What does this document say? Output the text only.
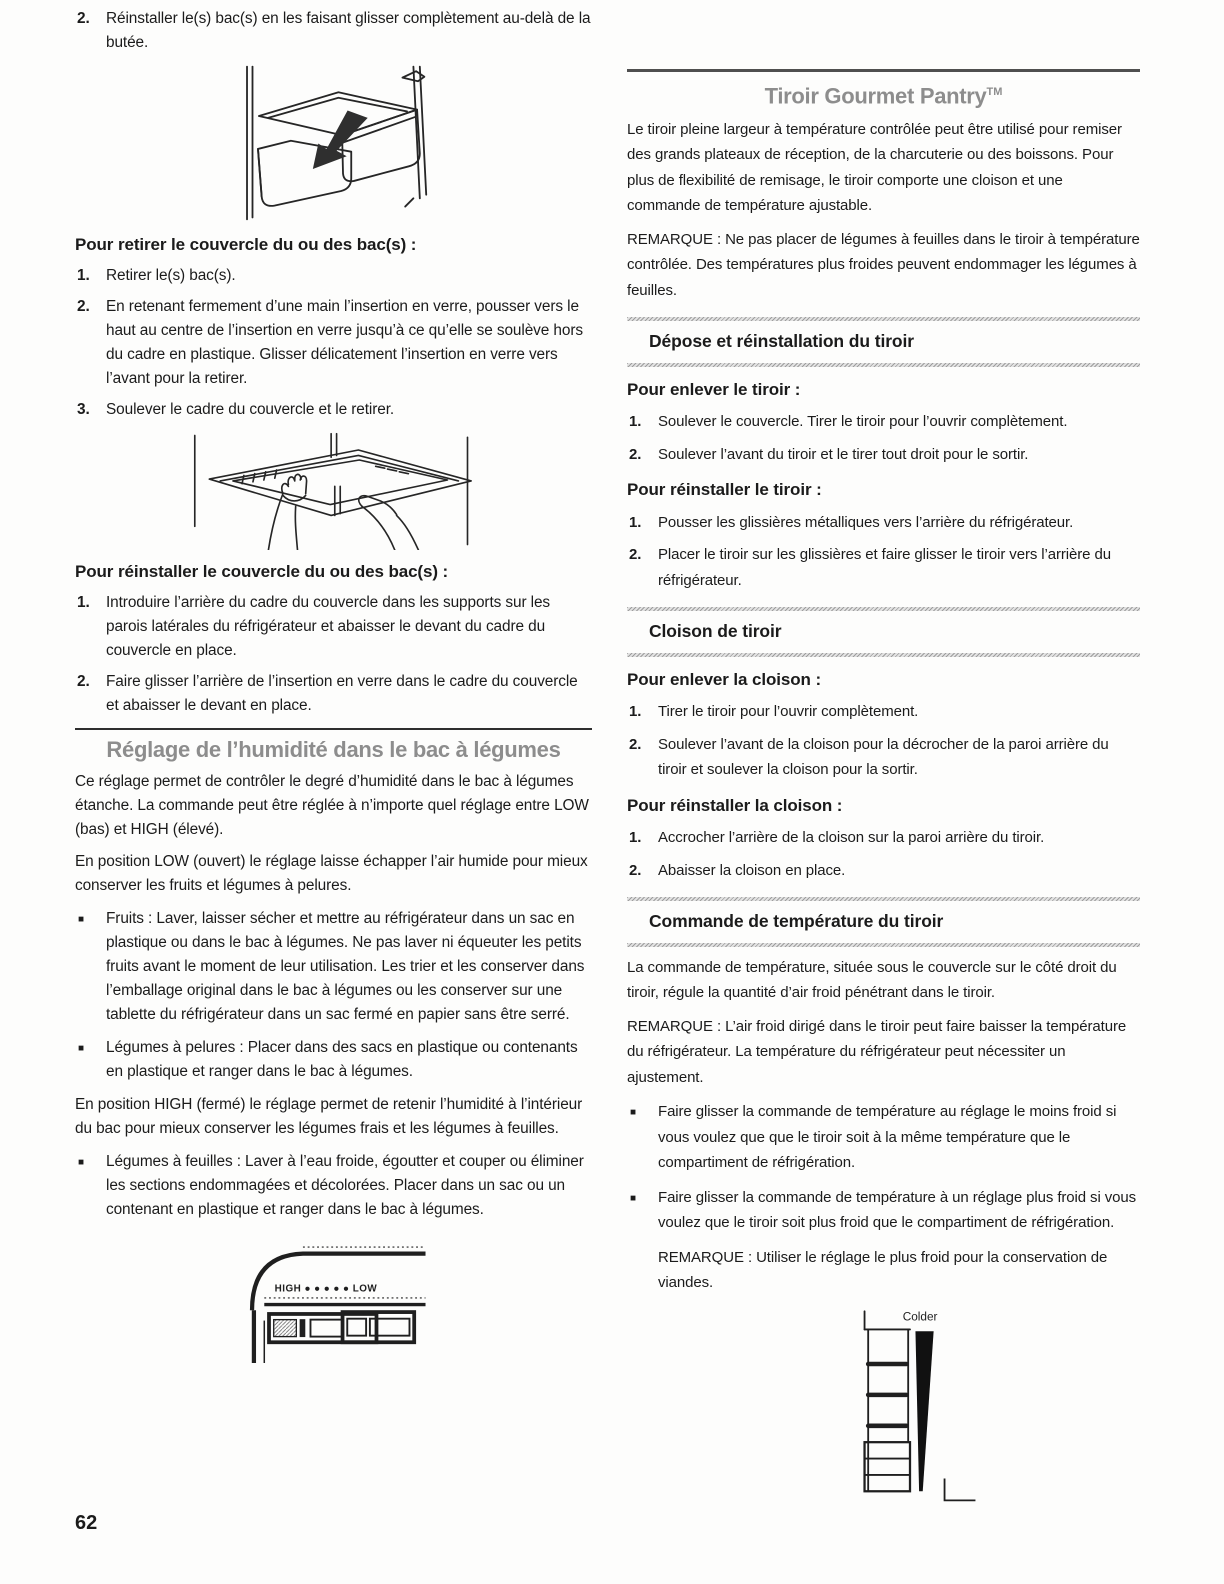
2. Réinstaller le(s) bac(s) en les faisant glisser complètement au-delà de la butée.
Pour retirer le couvercle du ou des bac(s) :
1. Retirer le(s) bac(s).
2. En retenant fermement d’une main l’insertion en verre, pousser vers le haut au centre de l’insertion en verre jusqu’à ce qu’elle se soulève hors du cadre en plastique. Glisser délicatement l’insertion en verre vers l’avant pour la retirer.
3. Soulever le cadre du couvercle et le retirer.
Pour réinstaller le couvercle du ou des bac(s) :
1. Introduire l’arrière du cadre du couvercle dans les supports sur les parois latérales du réfrigérateur et abaisser le devant du cadre du couvercle en place.
2. Faire glisser l’arrière de l’insertion en verre dans le cadre du couvercle et abaisser le devant en place.
Réglage de l’humidité dans le bac à légumes

Ce réglage permet de contrôler le degré d’humidité dans le bac à légumes étanche. La commande peut être réglée à n’importe quel réglage entre LOW (bas) et HIGH (élevé).

En position LOW (ouvert) le réglage laisse échapper l’air humide pour mieux conserver les fruits et légumes à pelures.

■ Fruits : Laver, laisser sécher et mettre au réfrigérateur dans un sac en plastique ou dans le bac à légumes. Ne pas laver ni équeuter les petits fruits avant le moment de leur utilisation. Les trier et les conserver dans l’emballage original dans le bac à légumes ou les conserver sur une tablette du réfrigérateur dans un sac fermé en papier sans être serré.
■ Légumes à pelures : Placer dans des sacs en plastique ou contenants en plastique et ranger dans le bac à légumes.

En position HIGH (fermé) le réglage permet de retenir l’humidité à l’intérieur du bac pour mieux conserver les légumes frais et les légumes à feuilles.

■ Légumes à feuilles : Laver à l’eau froide, égoutter et couper ou éliminer les sections endommagées et décolorées. Placer dans un sac ou un contenant en plastique et ranger dans le bac à légumes.
HIGH ● ● ● ● ● LOW
Tiroir Gourmet Pantry™

Le tiroir pleine largeur à température contrôlée peut être utilisé pour remiser des grands plateaux de réception, de la charcuterie ou des boissons. Pour plus de flexibilité de remisage, le tiroir comporte une cloison et une commande de température ajustable.

REMARQUE : Ne pas placer de légumes à feuilles dans le tiroir à température contrôlée. Des températures plus froides peuvent endommager les légumes à feuilles.

Dépose et réinstallation du tiroir
Pour enlever le tiroir :
1. Soulever le couvercle. Tirer le tiroir pour l’ouvrir complètement.
2. Soulever l’avant du tiroir et le tirer tout droit pour le sortir.
Pour réinstaller le tiroir :
1. Pousser les glissières métalliques vers l’arrière du réfrigérateur.
2. Placer le tiroir sur les glissières et faire glisser le tiroir vers l’arrière du réfrigérateur.
Cloison de tiroir
Pour enlever la cloison :
1. Tirer le tiroir pour l’ouvrir complètement.
2. Soulever l’avant de la cloison pour la décrocher de la paroi arrière du tiroir et soulever la cloison pour la sortir.
Pour réinstaller la cloison :
1. Accrocher l’arrière de la cloison sur la paroi arrière du tiroir.
2. Abaisser la cloison en place.
Commande de température du tiroir

La commande de température, située sous le couvercle sur le côté droit du tiroir, régule la quantité d’air froid pénétrant dans le tiroir.

REMARQUE : L’air froid dirigé dans le tiroir peut faire baisser la température du réfrigérateur. La température du réfrigérateur peut nécessiter un ajustement.

■ Faire glisser la commande de température au réglage le moins froid si vous voulez que que le tiroir soit à la même température que le compartiment de réfrigération.
■ Faire glisser la commande de température à un réglage plus froid si vous voulez que le tiroir soit plus froid que le compartiment de réfrigération.

REMARQUE : Utiliser le réglage le plus froid pour la conservation de viandes.

Colder
62
